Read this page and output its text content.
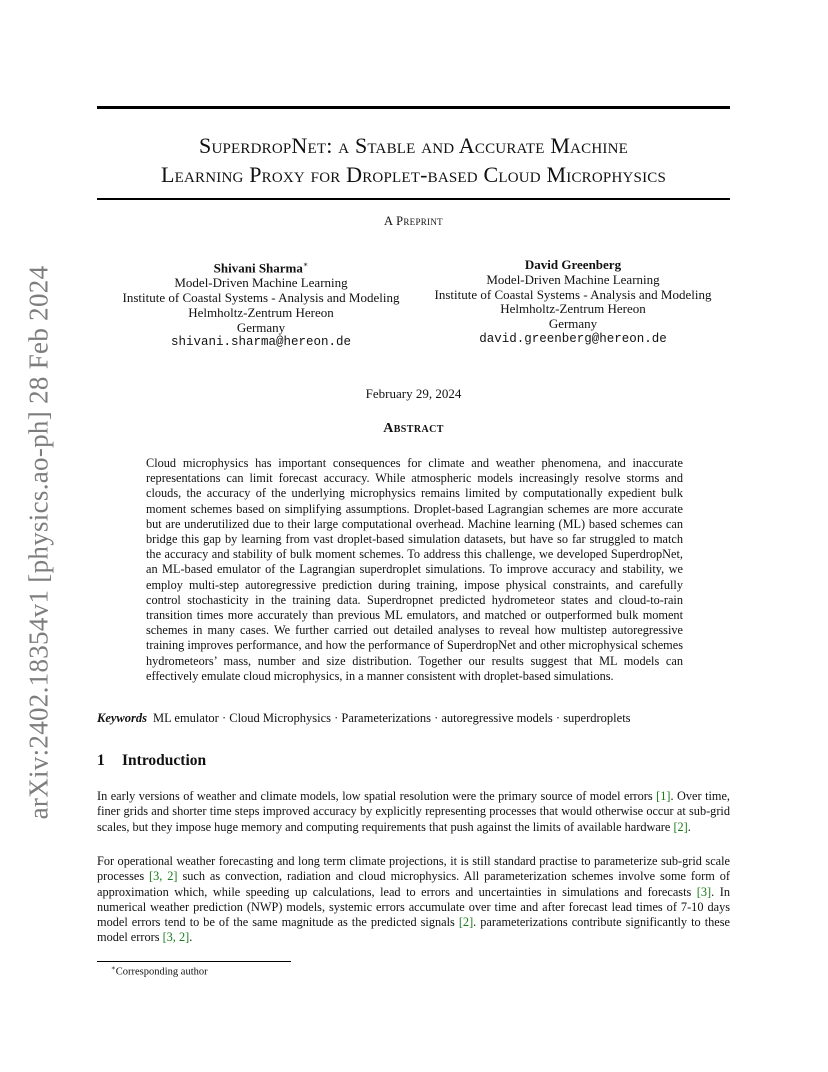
arXiv:2402.18354v1 [physics.ao-ph] 28 Feb 2024

SuperdropNet: a Stable and Accurate Machine

Learning Proxy for Droplet-based Cloud Microphysics

A Preprint
Shivani Sharma∗
Model-Driven Machine Learning
Institute of Coastal Systems - Analysis and Modeling
Helmholtz-Zentrum Hereon
Germany
shivani.sharma@hereon.de
David Greenberg
Model-Driven Machine Learning
Institute of Coastal Systems - Analysis and Modeling
Helmholtz-Zentrum Hereon
Germany
david.greenberg@hereon.de
February 29, 2024
Abstract

Cloud microphysics has important consequences for climate and weather phenomena, and inaccurate representations can limit forecast accuracy. While atmospheric models increasingly resolve storms and clouds, the accuracy of the underlying microphysics remains limited by computationally expedient bulk moment schemes based on simplifying assumptions. Droplet-based Lagrangian schemes are more accurate but are underutilized due to their large computational overhead. Machine learning (ML) based schemes can bridge this gap by learning from vast droplet-based simulation datasets, but have so far struggled to match the accuracy and stability of bulk moment schemes. To address this challenge, we developed SuperdropNet, an ML-based emulator of the Lagrangian superdroplet simulations. To improve accuracy and stability, we employ multi-step autoregressive prediction during training, impose physical constraints, and carefully control stochasticity in the training data. Superdropnet predicted hydrometeor states and cloud-to-rain transition times more accurately than previous ML emulators, and matched or outperformed bulk moment schemes in many cases. We further carried out detailed analyses to reveal how multistep autoregressive training improves performance, and how the performance of SuperdropNet and other microphysical schemes hydrometeors’ mass, number and size distribution. Together our results suggest that ML models can effectively emulate cloud microphysics, in a manner consistent with droplet-based simulations.

Keywords ML emulator · Cloud Microphysics · Parameterizations · autoregressive models · superdroplets
1 Introduction

In early versions of weather and climate models, low spatial resolution were the primary source of model errors [1]. Over time, finer grids and shorter time steps improved accuracy by explicitly representing processes that would otherwise occur at sub-grid scales, but they impose huge memory and computing requirements that push against the limits of available hardware [2].

For operational weather forecasting and long term climate projections, it is still standard practise to parameterize sub-grid scale processes [3, 2] such as convection, radiation and cloud microphysics. All parameterization schemes involve some form of approximation which, while speeding up calculations, lead to errors and uncertainties in simulations and forecasts [3]. In numerical weather prediction (NWP) models, systemic errors accumulate over time and after forecast lead times of 7-10 days model errors tend to be of the same magnitude as the predicted signals [2]. parameterizations contribute significantly to these model errors [3, 2].

∗Corresponding author
